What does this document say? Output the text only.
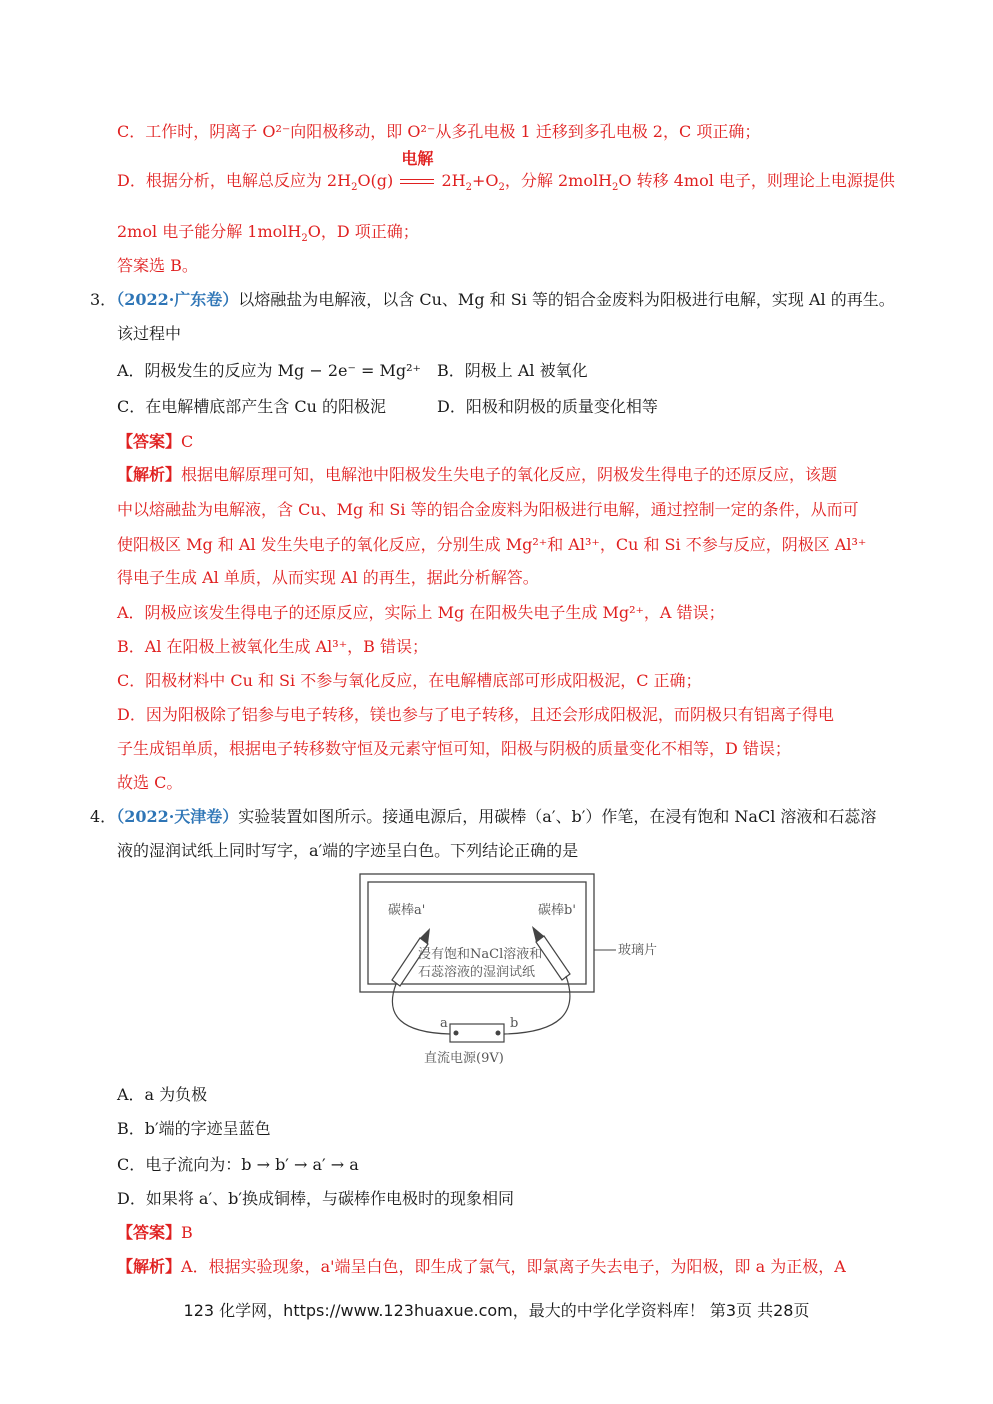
C．工作时，阴离子 O²⁻向阳极移动，即 O²⁻从多孔电极 1 迁移到多孔电极 2，C 项正确；
D．根据分析，电解总反应为 $2H_2O(g)$
电解
$2H_2+O_2$，分解 2molH$_2$O 转移 4mol 电子，则理论上电源提供
2mol 电子能分解 1molH$_2$O，D 项正确；
答案选 B。
3．（2022·广东卷）以熔融盐为电解液，以含 Cu、Mg 和 Si 等的铝合金废料为阳极进行电解，实现 Al 的再生。
该过程中
A．阴极发生的反应为 Mg − 2e⁻ = Mg²⁺ B．阴极上 Al 被氧化
C．在电解槽底部产生含 Cu 的阳极泥	D．阳极和阴极的质量变化相等
【答案】C
【解析】根据电解原理可知，电解池中阳极发生失电子的氧化反应，阴极发生得电子的还原反应，该题
中以熔融盐为电解液，含 Cu、Mg 和 Si 等的铝合金废料为阳极进行电解，通过控制一定的条件，从而可
使阳极区 Mg 和 Al 发生失电子的氧化反应，分别生成 Mg²⁺和 Al³⁺，Cu 和 Si 不参与反应，阴极区 Al³⁺
得电子生成 Al 单质，从而实现 Al 的再生，据此分析解答。
A．阴极应该发生得电子的还原反应，实际上 Mg 在阳极失电子生成 Mg²⁺，A 错误；
B．Al 在阳极上被氧化生成 Al³⁺，B 错误；
C．阳极材料中 Cu 和 Si 不参与氧化反应，在电解槽底部可形成阳极泥，C 正确；
D．因为阳极除了铝参与电子转移，镁也参与了电子转移，且还会形成阳极泥，而阴极只有铝离子得电
子生成铝单质，根据电子转移数守恒及元素守恒可知，阳极与阴极的质量变化不相等，D 错误；
故选 C。
4．（2022·天津卷）实验装置如图所示。接通电源后，用碳棒（a′、b′）作笔，在浸有饱和 NaCl 溶液和石蕊溶
液的湿润试纸上同时写字，a′端的字迹呈白色。下列结论正确的是
玻璃片
碳棒a'	碳棒b'
浸有饱和NaCl溶液和
石蕊溶液的湿润试纸
a	b
直流电源(9V)
A．a 为负极
B．b′端的字迹呈蓝色
C．电子流向为：b → b′ → a′ → a
D．如果将 a′、b′换成铜棒，与碳棒作电极时的现象相同
【答案】B
【解析】A．根据实验现象，a'端呈白色，即生成了氯气，即氯离子失去电子，为阳极，即 a 为正极，A
123 化学网，https://www.123huaxue.com，最大的中学化学资料库！ 第3页 共28页
